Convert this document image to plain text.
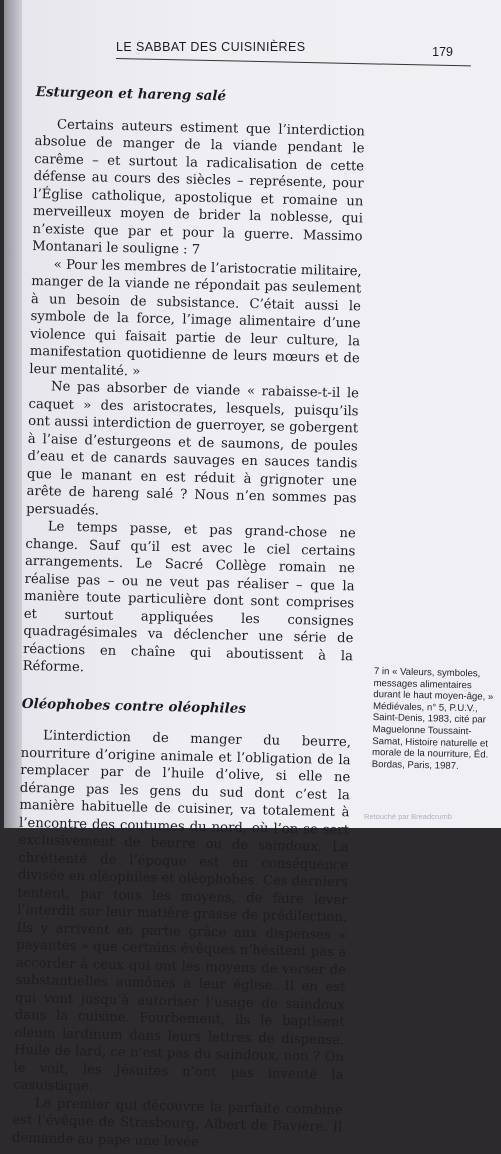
LE SABBAT DES CUISINIÈRES	179
Esturgeon et hareng salé

Certains auteurs estiment que l’interdiction absolue de manger de la viande pendant le carême – et surtout la radicalisation de cette défense au cours des siècles – représente, pour l’Église catholique, apostolique et romaine un merveilleux moyen de brider la noblesse, qui n’existe que par et pour la guerre. Massimo Montanari le souligne : 7

« Pour les membres de l’aristocratie militaire, manger de la viande ne répondait pas seulement à un besoin de subsistance. C’était aussi le symbole de la force, l’image alimentaire d’une violence qui faisait partie de leur culture, la manifestation quotidienne de leurs mœurs et de leur mentalité. »

Ne pas absorber de viande « rabaisse-t-il le caquet » des aristocrates, lesquels, puisqu’ils ont aussi interdiction de guerroyer, se gobergent à l’aise d’esturgeons et de saumons, de poules d’eau et de canards sauvages en sauces tandis que le manant en est réduit à grignoter une arête de hareng salé ? Nous n’en sommes pas persuadés.

Le temps passe, et pas grand-chose ne change. Sauf qu’il est avec le ciel certains arrangements. Le Sacré Collège romain ne réalise pas – ou ne veut pas réaliser – que la manière toute particulière dont sont comprises et surtout appliquées les consignes quadragésimales va déclencher une série de réactions en chaîne qui aboutissent à la Réforme.

Oléophobes contre oléophiles

L’interdiction de manger du beurre, nourriture d’origine animale et l’obligation de la remplacer par de l’huile d’olive, si elle ne dérange pas les gens du sud dont c’est la manière habituelle de cuisiner, va totalement à l’encontre des coutumes du nord, où l’on se sert exclusivement de beurre ou de saindoux. La chrétienté de l’époque est en conséquence divisée en oléophiles et oléophobes. Ces derniers tentent, par tous les moyens, de faire lever l’interdit sur leur matière grasse de prédilection. Ils y arrivent en partie grâce aux dispenses « payantes » que certains évêques n’hésitent pas à accorder à ceux qui ont les moyens de verser de substantielles aumônes à leur église. Il en est qui vont jusqu’à autoriser l’usage de saindoux dans la cuisine. Fourbement, ils le baptisent oleum lardinum dans leurs lettres de dispense. Huile de lard, ce n’est pas du saindoux, non ? On le voit, les Jésuites n’ont pas inventé la casuistique.

Le premier qui découvre la parfaite combine est l’évêque de Strasbourg, Albert de Bavière. Il demande au pape une levée

7 in « Valeurs, symboles, messages alimentaires durant le haut moyen-âge, » Médiévales, n° 5, P.U.V., Saint-Denis, 1983, cité par Maguelonne Toussaint-Samat, Histoire naturelle et morale de la nourriture, Éd. Bordas, Paris, 1987.
Retouché par Breadcrumb
